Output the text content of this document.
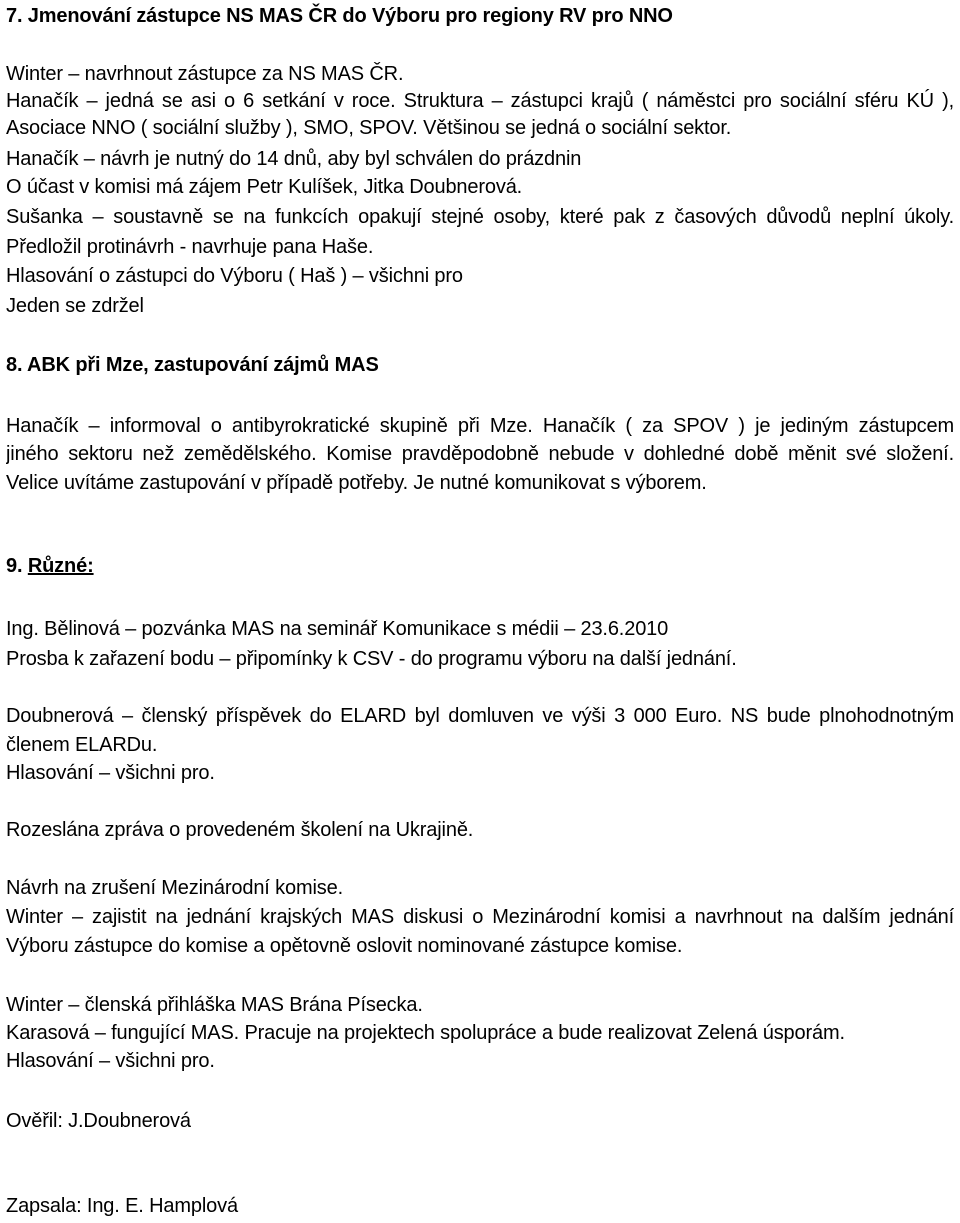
7. Jmenování zástupce NS MAS ČR do Výboru pro regiony RV pro NNO
Winter – navrhnout zástupce za NS MAS ČR.
Hanačík – jedná se asi o 6 setkání v roce. Struktura – zástupci krajů ( náměstci pro sociální sféru KÚ ),
Asociace NNO ( sociální služby ), SMO, SPOV. Většinou se jedná o sociální sektor.
Hanačík – návrh je nutný do 14 dnů, aby byl schválen do prázdnin
O účast v komisi má zájem Petr Kulíšek, Jitka Doubnerová.
Sušanka – soustavně se na funkcích opakují stejné osoby, které pak z časových důvodů neplní úkoly.
Předložil protinávrh - navrhuje pana Haše.
Hlasování o zástupci do Výboru ( Haš ) – všichni pro
Jeden se zdržel
8. ABK při Mze, zastupování zájmů MAS
Hanačík – informoval o antibyrokratické skupině při Mze. Hanačík ( za SPOV ) je jediným zástupcem
jiného sektoru než zemědělského. Komise pravděpodobně nebude v dohledné době měnit své složení.
Velice uvítáme zastupování v případě potřeby. Je nutné komunikovat s výborem.
9. Různé:
Ing. Bělinová – pozvánka MAS na seminář Komunikace s médii – 23.6.2010
Prosba k zařazení bodu – připomínky k CSV - do programu výboru na další jednání.
Doubnerová – členský příspěvek do ELARD byl domluven ve výši 3 000 Euro. NS bude plnohodnotným
členem ELARDu.
Hlasování – všichni pro.
Rozeslána zpráva o provedeném školení na Ukrajině.
Návrh na zrušení Mezinárodní komise.
Winter – zajistit na jednání krajských MAS diskusi o Mezinárodní komisi a navrhnout na dalším jednání
Výboru zástupce do komise a opětovně oslovit nominované zástupce komise.
Winter – členská přihláška MAS Brána Písecka.
Karasová – fungující MAS. Pracuje na projektech spolupráce a bude realizovat Zelená úsporám.
Hlasování – všichni pro.
Ověřil: J.Doubnerová
Zapsala: Ing. E. Hamplová
